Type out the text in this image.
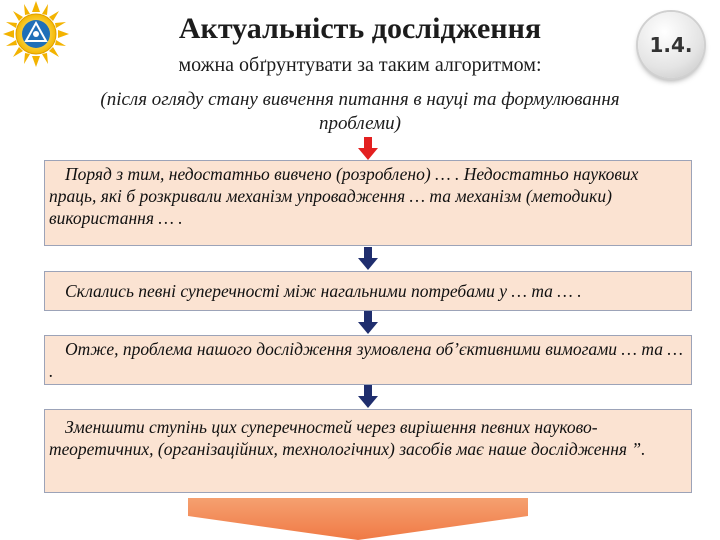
Актуальність дослідження
можна обґрунтувати за таким алгоритмом:
1.4.
(після огляду стану вивчення питання в науці та формулювання проблеми)
Поряд з тим, недостатньо вивчено (розроблено) … . Недостатньо наукових праць, які б розкривали механізм упровадження … та механізм (методики) використання … .
Склались певні суперечності між нагальними потребами у … та … .
Отже, проблема нашого дослідження зумовлена об’єктивними вимогами … та … .
Зменшити ступінь цих суперечностей через вирішення певних науково-теоретичних, (організаційних, технологічних) засобів має наше дослідження ”.
